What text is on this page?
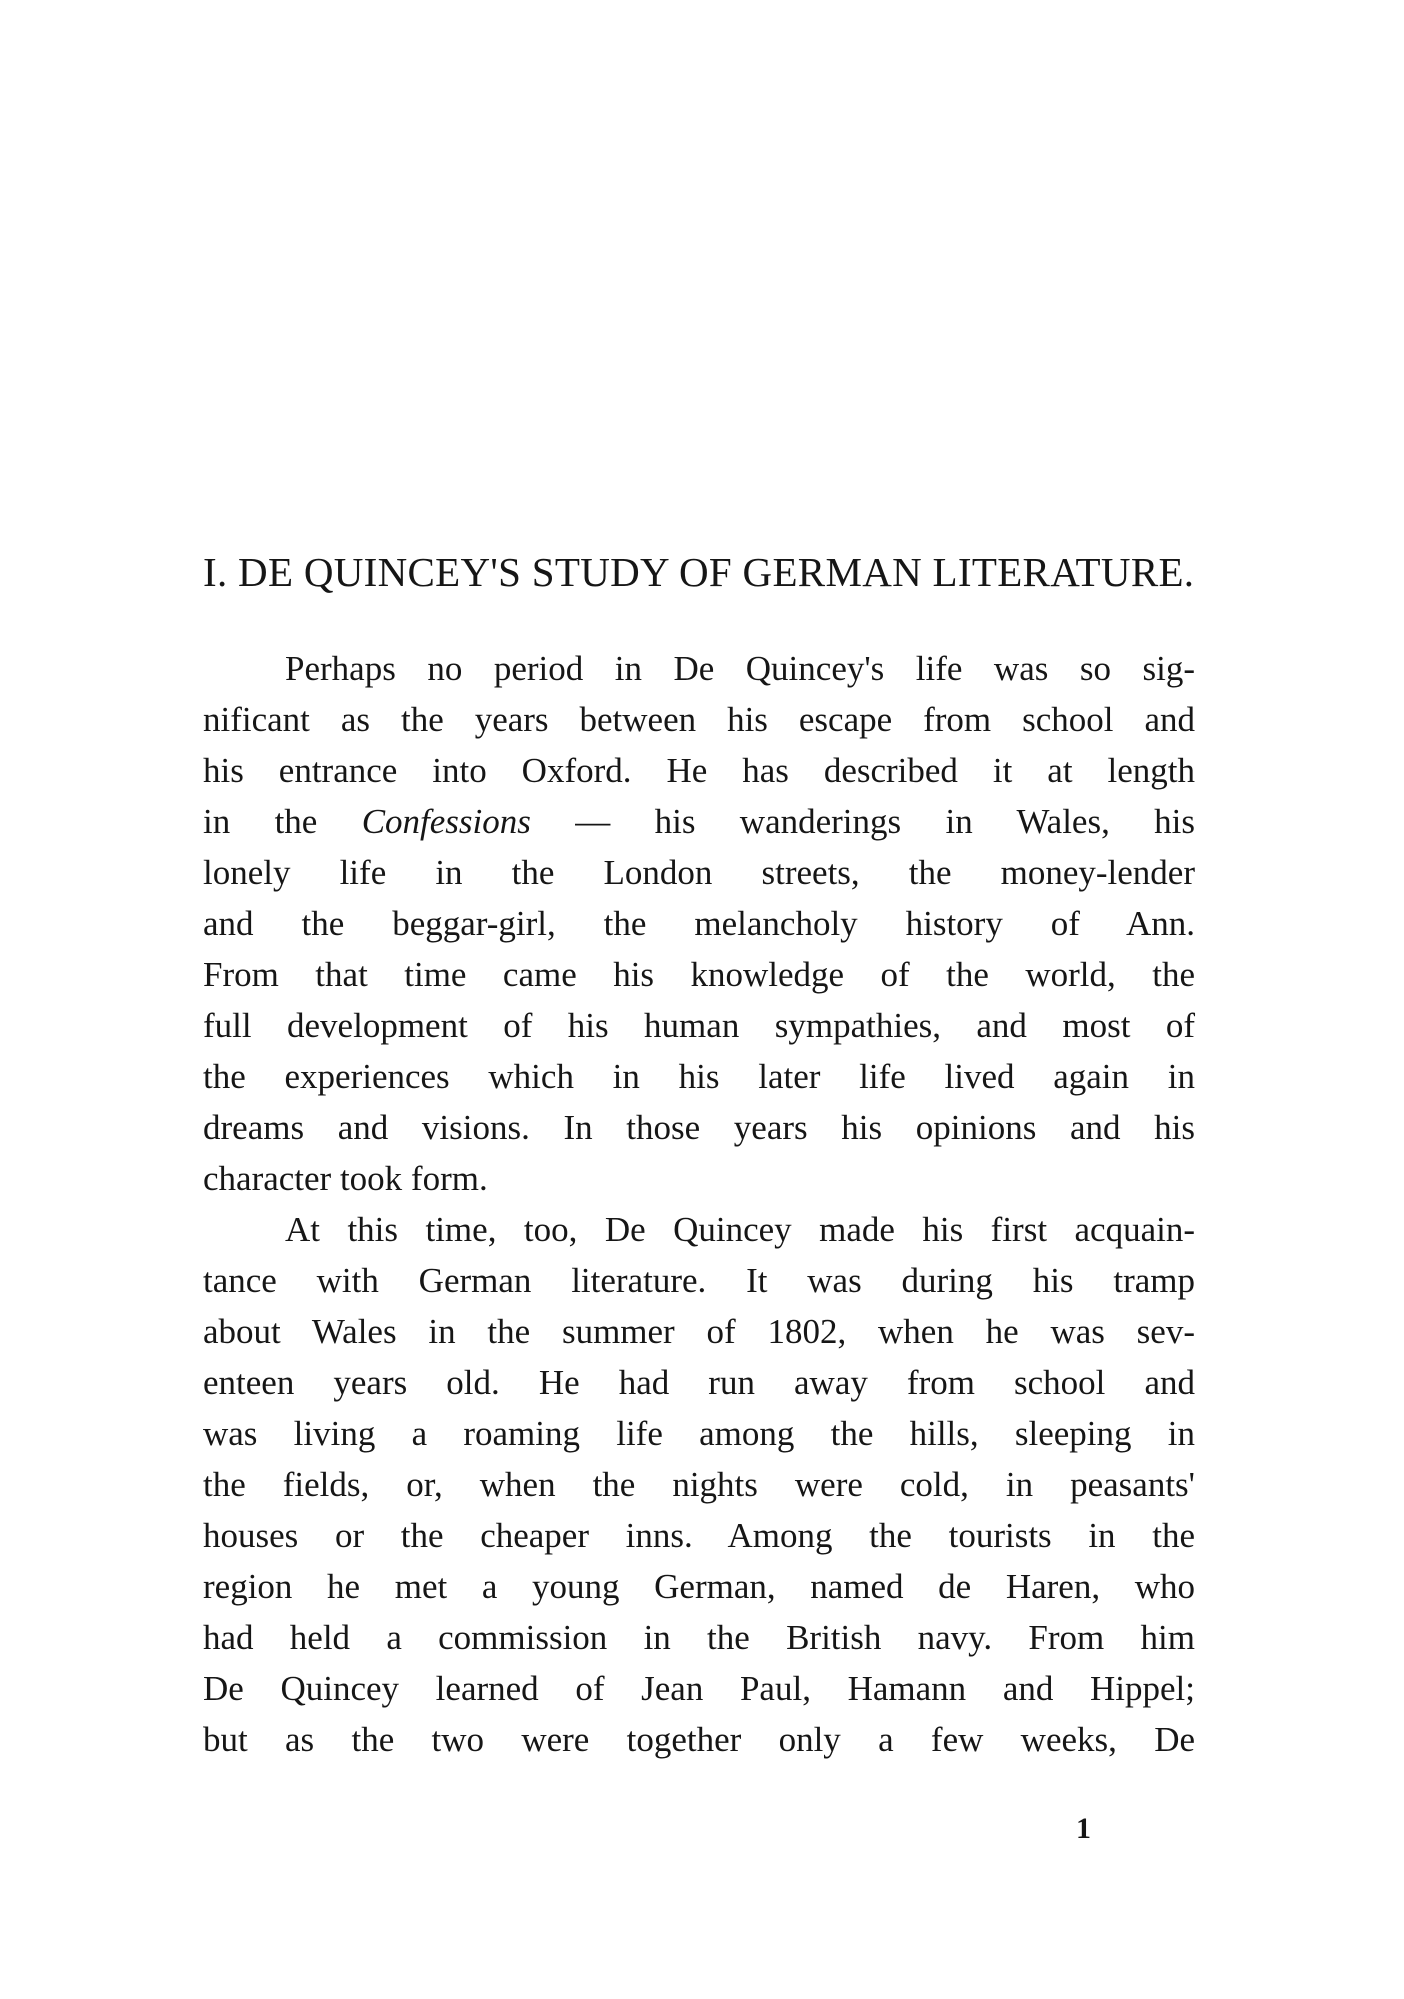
I. DE QUINCEY'S STUDY OF GERMAN LITERATURE.
Perhaps no period in De Quincey's life was so sig-
nificant as the years between his escape from school and
his entrance into Oxford. He has described it at length
in the Confessions — his wanderings in Wales, his
lonely life in the London streets, the money-lender
and the beggar-girl, the melancholy history of Ann.
From that time came his knowledge of the world, the
full development of his human sympathies, and most of
the experiences which in his later life lived again in
dreams and visions. In those years his opinions and his
character took form.
At this time, too, De Quincey made his first acquain-
tance with German literature. It was during his tramp
about Wales in the summer of 1802, when he was sev-
enteen years old. He had run away from school and
was living a roaming life among the hills, sleeping in
the fields, or, when the nights were cold, in peasants'
houses or the cheaper inns. Among the tourists in the
region he met a young German, named de Haren, who
had held a commission in the British navy. From him
De Quincey learned of Jean Paul, Hamann and Hippel;
but as the two were together only a few weeks, De
1
